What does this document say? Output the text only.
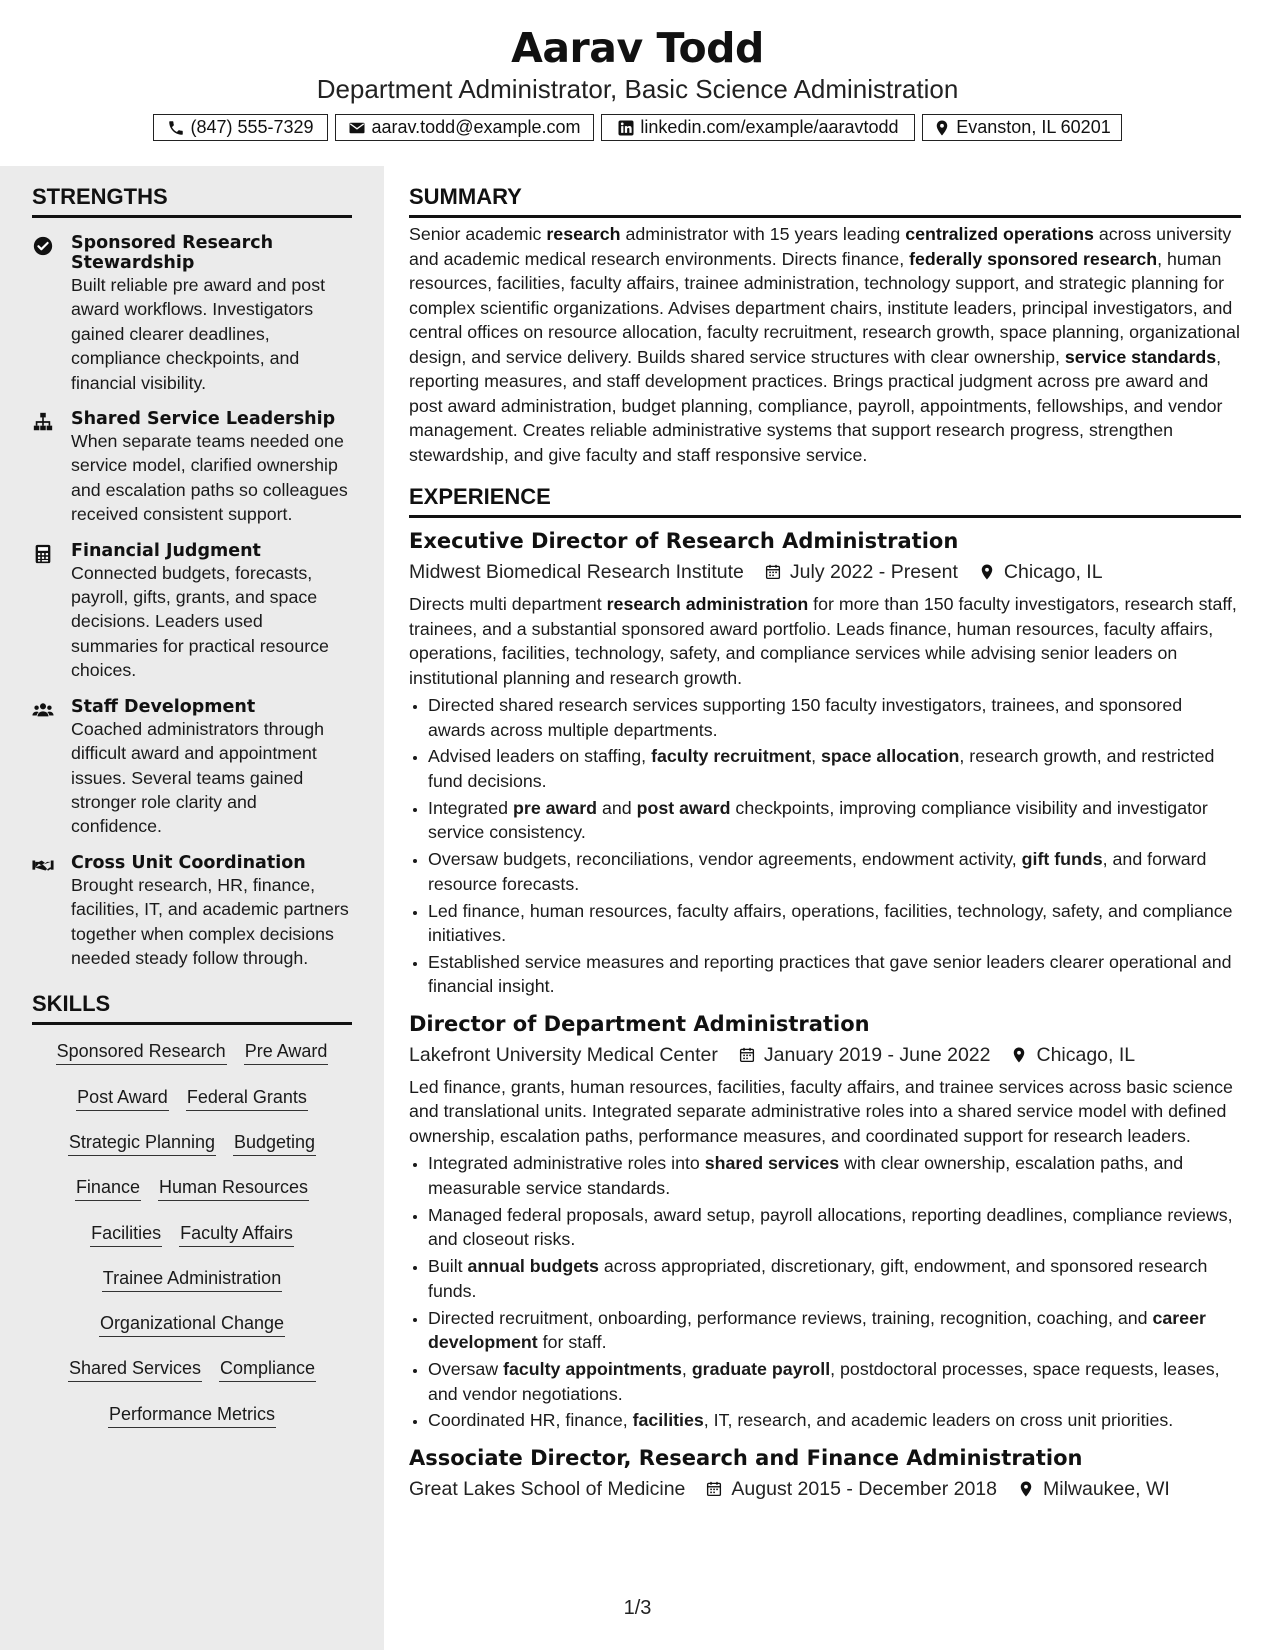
Aarav Todd
Department Administrator, Basic Science Administration
(847) 555-7329	aarav.todd@example.com	linkedin.com/example/aaravtodd	Evanston, IL 60201
STRENGTHS
Sponsored Research Stewardship
Built reliable pre award and post award workflows. Investigators gained clearer deadlines, compliance checkpoints, and financial visibility.
Shared Service Leadership
When separate teams needed one service model, clarified ownership and escalation paths so colleagues received consistent support.
Financial Judgment
Connected budgets, forecasts, payroll, gifts, grants, and space decisions. Leaders used summaries for practical resource choices.
Staff Development
Coached administrators through difficult award and appointment issues. Several teams gained stronger role clarity and confidence.
Cross Unit Coordination
Brought research, HR, finance, facilities, IT, and academic partners together when complex decisions needed steady follow through.
SKILLS
Sponsored Research Pre Award
Post Award Federal Grants
Strategic Planning Budgeting
Finance Human Resources
Facilities Faculty Affairs
Trainee Administration
Organizational Change
Shared Services Compliance
Performance Metrics
SUMMARY
Senior academic research administrator with 15 years leading centralized operations across university and academic medical research environments. Directs finance, federally sponsored research, human resources, facilities, faculty affairs, trainee administration, technology support, and strategic planning for complex scientific organizations. Advises department chairs, institute leaders, principal investigators, and central offices on resource allocation, faculty recruitment, research growth, space planning, organizational design, and service delivery. Builds shared service structures with clear ownership, service standards, reporting measures, and staff development practices. Brings practical judgment across pre award and post award administration, budget planning, compliance, payroll, appointments, fellowships, and vendor management. Creates reliable administrative systems that support research progress, strengthen stewardship, and give faculty and staff responsive service.
EXPERIENCE
Executive Director of Research Administration
Midwest Biomedical Research Institute July 2022 - Present Chicago, IL
Directs multi department research administration for more than 150 faculty investigators, research staff, trainees, and a substantial sponsored award portfolio. Leads finance, human resources, faculty affairs, operations, facilities, technology, safety, and compliance services while advising senior leaders on institutional planning and research growth.
• Directed shared research services supporting 150 faculty investigators, trainees, and sponsored awards across multiple departments.
• Advised leaders on staffing, faculty recruitment, space allocation, research growth, and restricted fund decisions.
• Integrated pre award and post award checkpoints, improving compliance visibility and investigator service consistency.
• Oversaw budgets, reconciliations, vendor agreements, endowment activity, gift funds, and forward resource forecasts.
• Led finance, human resources, faculty affairs, operations, facilities, technology, safety, and compliance initiatives.
• Established service measures and reporting practices that gave senior leaders clearer operational and financial insight.
Director of Department Administration
Lakefront University Medical Center January 2019 - June 2022 Chicago, IL
Led finance, grants, human resources, facilities, faculty affairs, and trainee services across basic science and translational units. Integrated separate administrative roles into a shared service model with defined ownership, escalation paths, performance measures, and coordinated support for research leaders.
• Integrated administrative roles into shared services with clear ownership, escalation paths, and measurable service standards.
• Managed federal proposals, award setup, payroll allocations, reporting deadlines, compliance reviews, and closeout risks.
• Built annual budgets across appropriated, discretionary, gift, endowment, and sponsored research funds.
• Directed recruitment, onboarding, performance reviews, training, recognition, coaching, and career development for staff.
• Oversaw faculty appointments, graduate payroll, postdoctoral processes, space requests, leases, and vendor negotiations.
• Coordinated HR, finance, facilities, IT, research, and academic leaders on cross unit priorities.
Associate Director, Research and Finance Administration
Great Lakes School of Medicine August 2015 - December 2018 Milwaukee, WI
1/3
